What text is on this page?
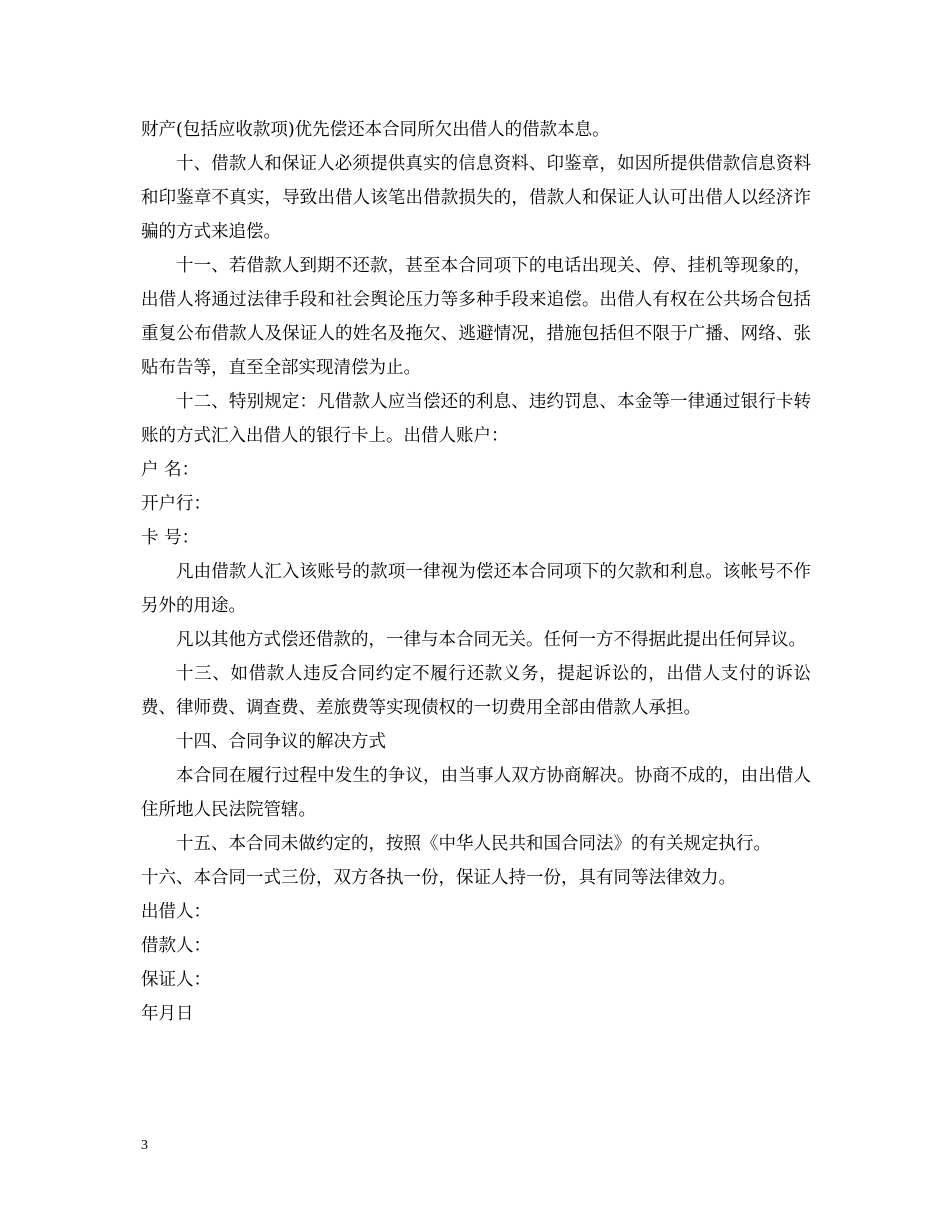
财产(包括应收款项)优先偿还本合同所欠出借人的借款本息。

十、借款人和保证人必须提供真实的信息资料、印鉴章，如因所提供借款信息资料和印鉴章不真实，导致出借人该笔出借款损失的，借款人和保证人认可出借人以经济诈骗的方式来追偿。

十一、若借款人到期不还款，甚至本合同项下的电话出现关、停、挂机等现象的，出借人将通过法律手段和社会舆论压力等多种手段来追偿。出借人有权在公共场合包括重复公布借款人及保证人的姓名及拖欠、逃避情况，措施包括但不限于广播、网络、张贴布告等，直至全部实现清偿为止。

十二、特别规定：凡借款人应当偿还的利息、违约罚息、本金等一律通过银行卡转账的方式汇入出借人的银行卡上。出借人账户：

户 名：

开户行：

卡 号：

凡由借款人汇入该账号的款项一律视为偿还本合同项下的欠款和利息。该帐号不作另外的用途。

凡以其他方式偿还借款的，一律与本合同无关。任何一方不得据此提出任何异议。

十三、如借款人违反合同约定不履行还款义务，提起诉讼的，出借人支付的诉讼费、律师费、调查费、差旅费等实现债权的一切费用全部由借款人承担。

十四、合同争议的解决方式

本合同在履行过程中发生的争议，由当事人双方协商解决。协商不成的，由出借人住所地人民法院管辖。

十五、本合同未做约定的，按照《中华人民共和国合同法》的有关规定执行。

十六、本合同一式三份，双方各执一份，保证人持一份，具有同等法律效力。

出借人：

借款人：

保证人：

年月日

3
